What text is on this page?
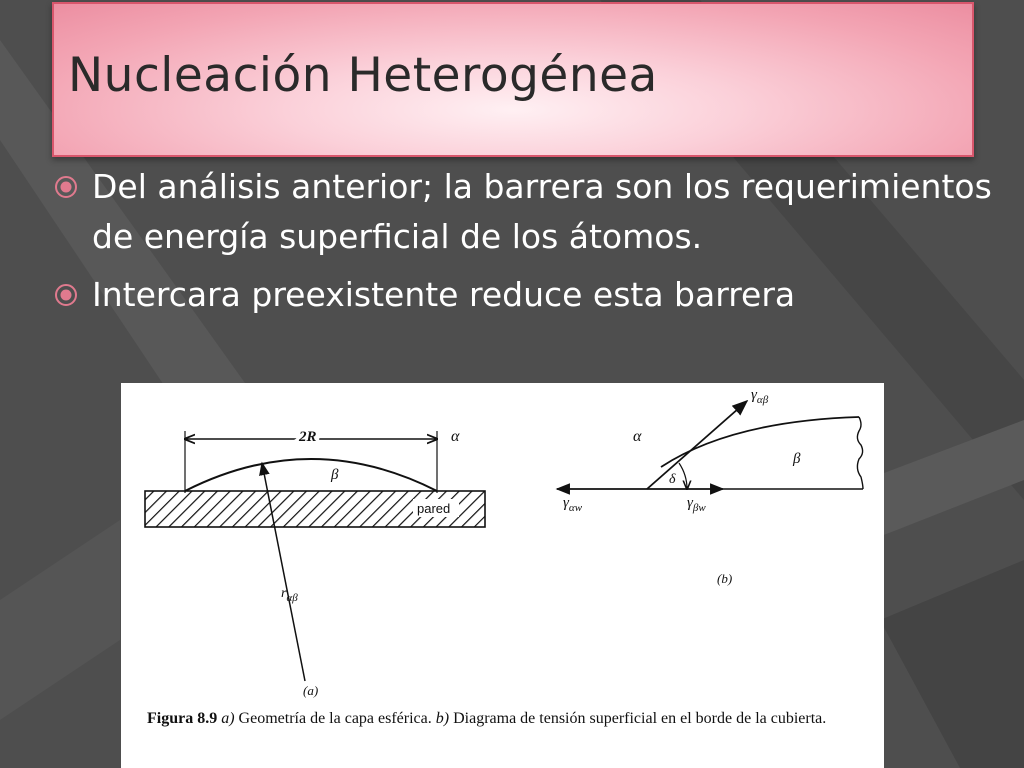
Nucleación Heterogénea
Del análisis anterior; la barrera son los requerimientos de energía superficial de los átomos.
Intercara preexistente reduce esta barrera
2R	α
β
pared
$r_{\alpha\beta}$
(a)
δ
α
β
$\gamma_{\alpha\beta}$
$\gamma_{\alpha w}$	$\gamma_{\beta w}$
(b)
Figura 8.9 a) Geometría de la capa esférica. b) Diagrama de tensión superficial en el borde de la cubierta.
